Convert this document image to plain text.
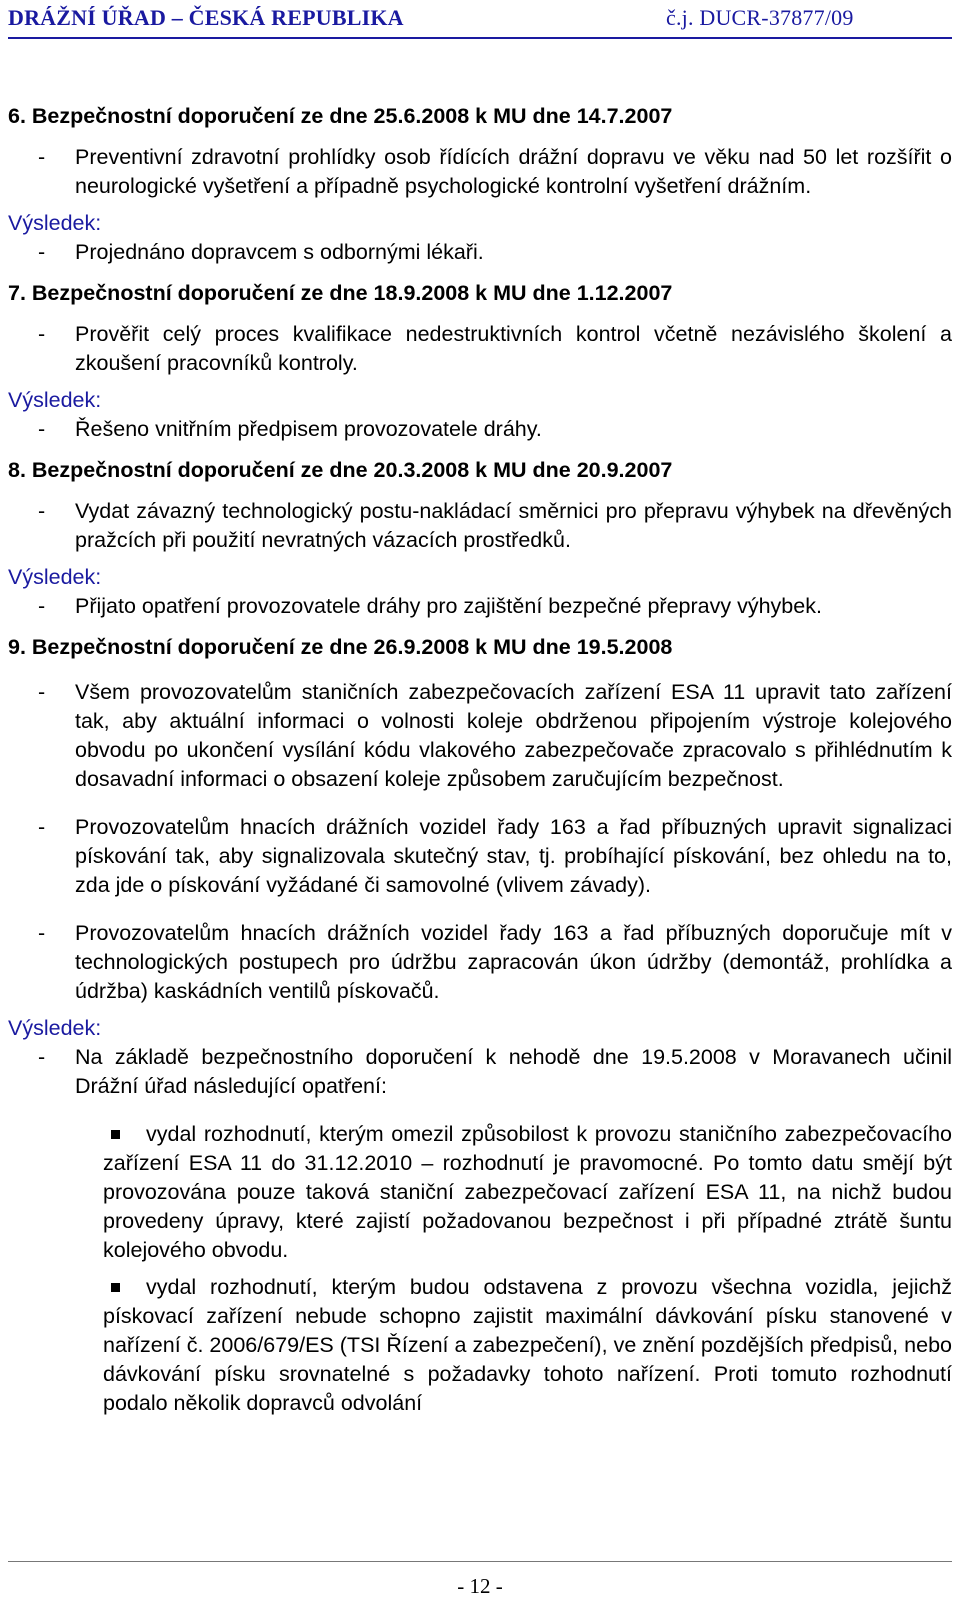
DRÁŽNÍ ÚŘAD – ČESKÁ REPUBLIKA	č.j. DUCR-37877/09
6. Bezpečnostní doporučení ze dne 25.6.2008 k MU dne 14.7.2007
- Preventivní zdravotní prohlídky osob řídících drážní dopravu ve věku nad 50 let rozšířit o neurologické vyšetření a případně psychologické kontrolní vyšetření drážním.
Výsledek:
- Projednáno dopravcem s odbornými lékaři.
7. Bezpečnostní doporučení ze dne 18.9.2008 k MU dne 1.12.2007
- Prověřit celý proces kvalifikace nedestruktivních kontrol včetně nezávislého školení a zkoušení pracovníků kontroly.
Výsledek:
- Řešeno vnitřním předpisem provozovatele dráhy.
8. Bezpečnostní doporučení ze dne 20.3.2008 k MU dne 20.9.2007
- Vydat závazný technologický postu-nakládací směrnici pro přepravu výhybek na dřevěných pražcích při použití nevratných vázacích prostředků.
Výsledek:
- Přijato opatření provozovatele dráhy pro zajištění bezpečné přepravy výhybek.
9. Bezpečnostní doporučení ze dne 26.9.2008 k MU dne 19.5.2008
- Všem provozovatelům staničních zabezpečovacích zařízení ESA 11 upravit tato zařízení tak, aby aktuální informaci o volnosti koleje obdrženou připojením výstroje kolejového obvodu po ukončení vysílání kódu vlakového zabezpečovače zpracovalo s přihlédnutím k dosavadní informaci o obsazení koleje způsobem zaručujícím bezpečnost.
- Provozovatelům hnacích drážních vozidel řady 163 a řad příbuzných upravit signalizaci pískování tak, aby signalizovala skutečný stav, tj. probíhající pískování, bez ohledu na to, zda jde o pískování vyžádané či samovolné (vlivem závady).
- Provozovatelům hnacích drážních vozidel řady 163 a řad příbuzných doporučuje mít v technologických postupech pro údržbu zapracován úkon údržby (demontáž, prohlídka a údržba) kaskádních ventilů pískovačů.
Výsledek:
- Na základě bezpečnostního doporučení k nehodě dne 19.5.2008 v Moravanech učinil Drážní úřad následující opatření:
vydal rozhodnutí, kterým omezil způsobilost k provozu staničního zabezpečovacího zařízení ESA 11 do 31.12.2010 – rozhodnutí je pravomocné. Po tomto datu smějí být provozována pouze taková staniční zabezpečovací zařízení ESA 11, na nichž budou provedeny úpravy, které zajistí požadovanou bezpečnost i při případné ztrátě šuntu kolejového obvodu.
vydal rozhodnutí, kterým budou odstavena z provozu všechna vozidla, jejichž pískovací zařízení nebude schopno zajistit maximální dávkování písku stanovené v nařízení č. 2006/679/ES (TSI Řízení a zabezpečení), ve znění pozdějších předpisů, nebo dávkování písku srovnatelné s požadavky tohoto nařízení. Proti tomuto rozhodnutí podalo několik dopravců odvolání
- 12 -
